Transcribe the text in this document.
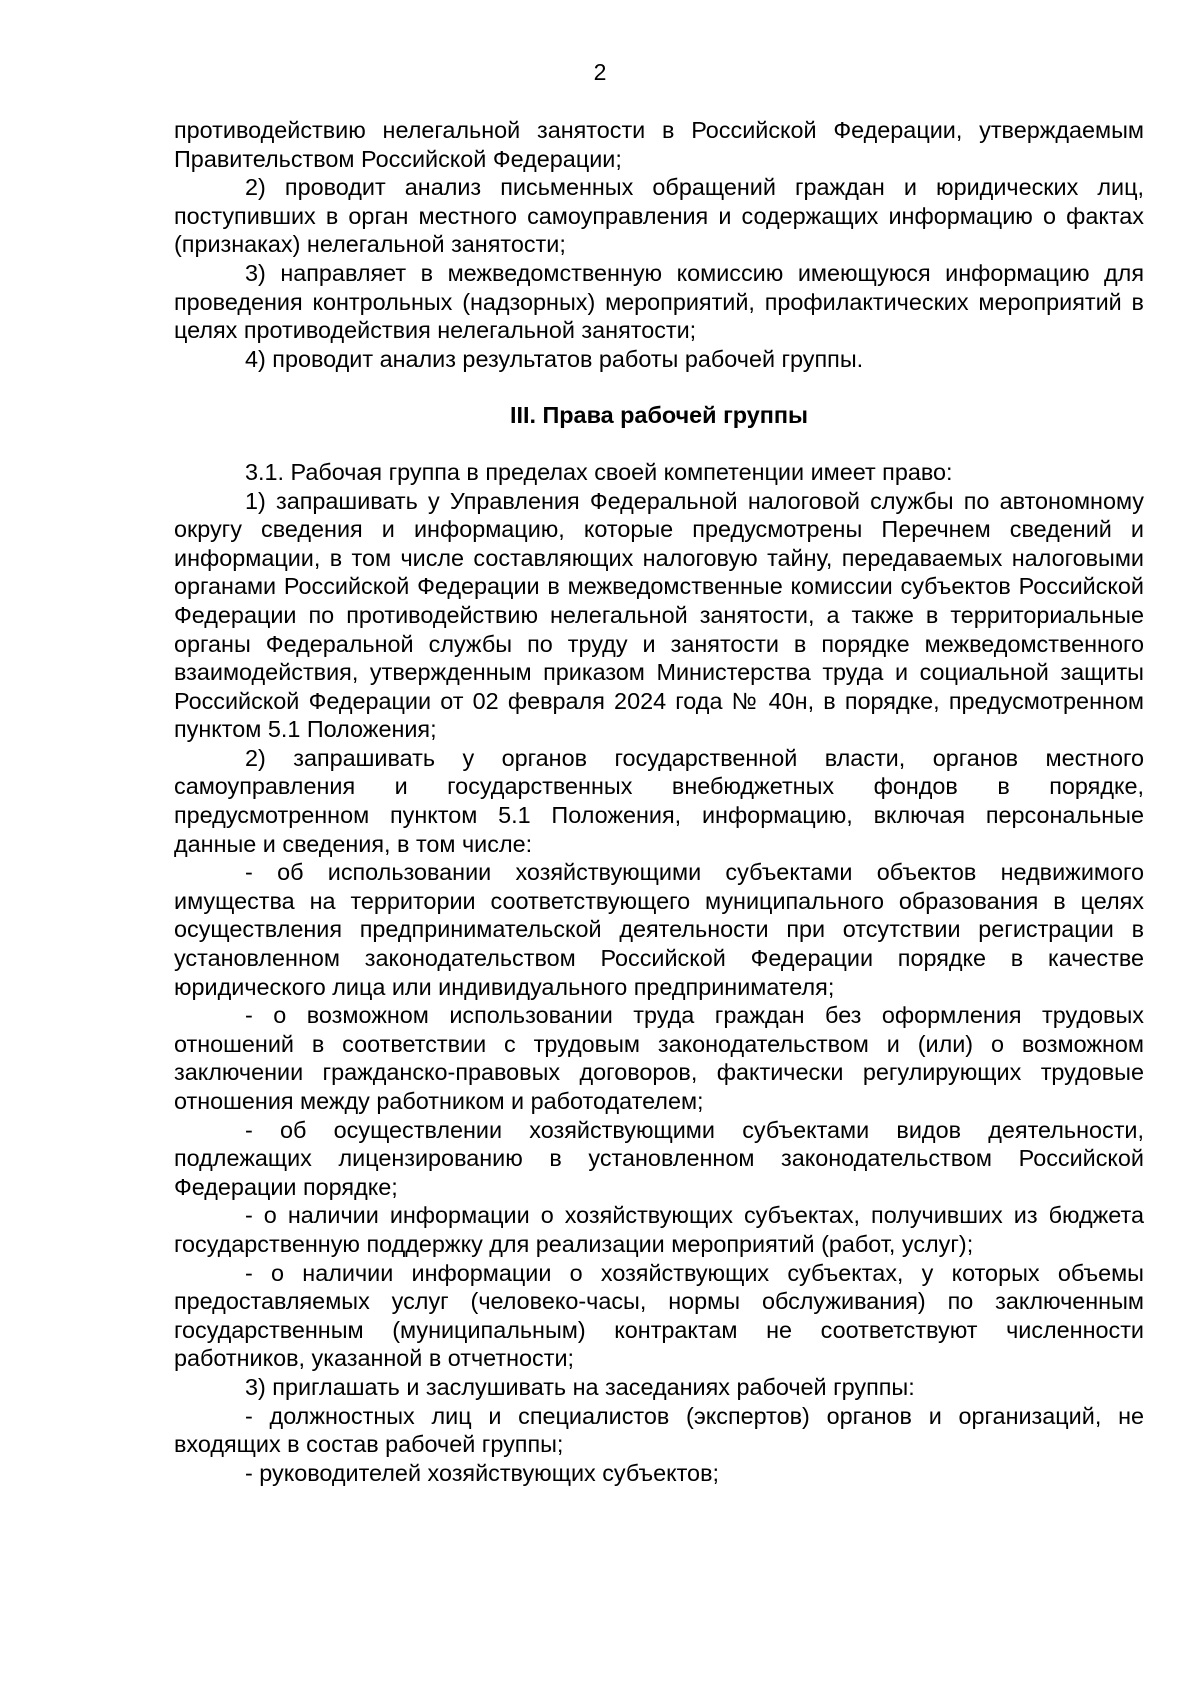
2

противодействию нелегальной занятости в Российской Федерации, утверждаемым Правительством Российской Федерации;

2) проводит анализ письменных обращений граждан и юридических лиц, поступивших в орган местного самоуправления и содержащих информацию о фактах (признаках) нелегальной занятости;

3) направляет в межведомственную комиссию имеющуюся информацию для проведения контрольных (надзорных) мероприятий, профилактических мероприятий в целях противодействия нелегальной занятости;

4) проводит анализ результатов работы рабочей группы.

III. Права рабочей группы

3.1. Рабочая группа в пределах своей компетенции имеет право:

1) запрашивать у Управления Федеральной налоговой службы по автономному округу сведения и информацию, которые предусмотрены Перечнем сведений и информации, в том числе составляющих налоговую тайну, передаваемых налоговыми органами Российской Федерации в межведомственные комиссии субъектов Российской Федерации по противодействию нелегальной занятости, а также в территориальные органы Федеральной службы по труду и занятости в порядке межведомственного взаимодействия, утвержденным приказом Министерства труда и социальной защиты Российской Федерации от 02 февраля 2024 года № 40н, в порядке, предусмотренном пунктом 5.1 Положения;

2) запрашивать у органов государственной власти, органов местного самоуправления и государственных внебюджетных фондов в порядке, предусмотренном пунктом 5.1 Положения, информацию, включая персональные данные и сведения, в том числе:

- об использовании хозяйствующими субъектами объектов недвижимого имущества на территории соответствующего муниципального образования в целях осуществления предпринимательской деятельности при отсутствии регистрации в установленном законодательством Российской Федерации порядке в качестве юридического лица или индивидуального предпринимателя;

- о возможном использовании труда граждан без оформления трудовых отношений в соответствии с трудовым законодательством и (или) о возможном заключении гражданско-правовых договоров, фактически регулирующих трудовые отношения между работником и работодателем;

- об осуществлении хозяйствующими субъектами видов деятельности, подлежащих лицензированию в установленном законодательством Российской Федерации порядке;

- о наличии информации о хозяйствующих субъектах, получивших из бюджета государственную поддержку для реализации мероприятий (работ, услуг);

- о наличии информации о хозяйствующих субъектах, у которых объемы предоставляемых услуг (человеко-часы, нормы обслуживания) по заключенным государственным (муниципальным) контрактам не соответствуют численности работников, указанной в отчетности;

3) приглашать и заслушивать на заседаниях рабочей группы:

- должностных лиц и специалистов (экспертов) органов и организаций, не входящих в состав рабочей группы;

- руководителей хозяйствующих субъектов;
